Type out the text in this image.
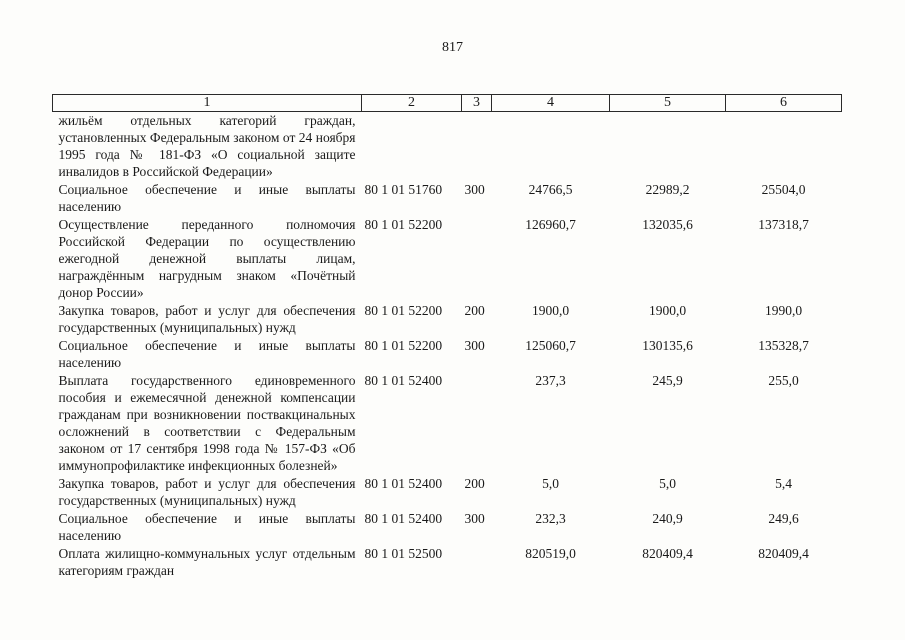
817
1	2	3	4	5	6
жильём отдельных категорий граждан, установленных Федеральным законом от 24 ноября 1995 года № 181-ФЗ «О социальной защите инвалидов в Российской Федерации»					
Социальное обеспечение и иные выплаты населению	80 1 01 51760	300	24766,5	22989,2	25504,0
Осуществление переданного полномочия Российской Федерации по осуществлению ежегодной денежной выплаты лицам, награждённым нагрудным знаком «Почётный донор России»	80 1 01 52200		126960,7	132035,6	137318,7
Закупка товаров, работ и услуг для обеспечения государственных (муниципальных) нужд	80 1 01 52200	200	1900,0	1900,0	1990,0
Социальное обеспечение и иные выплаты населению	80 1 01 52200	300	125060,7	130135,6	135328,7
Выплата государственного единовременного пособия и ежемесячной денежной компенсации гражданам при возникновении поствакцинальных осложнений в соответствии с Федеральным законом от 17 сентября 1998 года № 157-ФЗ «Об иммунопрофилактике инфекционных болезней»	80 1 01 52400		237,3	245,9	255,0
Закупка товаров, работ и услуг для обеспечения государственных (муниципальных) нужд	80 1 01 52400	200	5,0	5,0	5,4
Социальное обеспечение и иные выплаты населению	80 1 01 52400	300	232,3	240,9	249,6
Оплата жилищно-коммунальных услуг отдельным категориям граждан	80 1 01 52500		820519,0	820409,4	820409,4
